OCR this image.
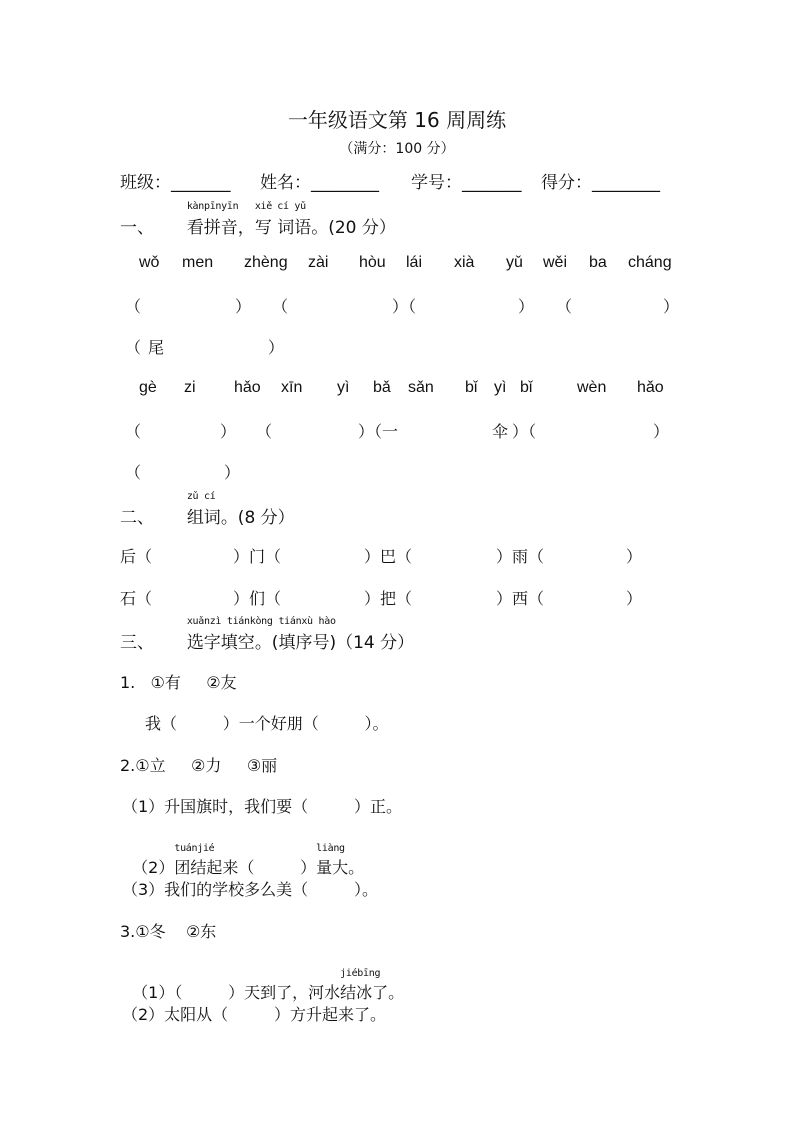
一年级语文第 16 周周练
（满分：100 分）
班级：_______ 姓名：________ 学号：_______ 得分：________
一、
kànpīnyīn
看拼音，
xiě
写
cí yǔ
词语。(20 分）
wǒ men zhèng zài hòu lái xià yǔ wěi ba cháng
（	） （	）（	） （	）
（ 尾	）
gè zi hǎo xīn yì bǎ sǎn bǐ yì bǐ	wèn hǎo
（	） （	）（一	伞 ）（	）
（	）
二、
zǔ cí
组词。(8 分）
后（	）门（	）巴（	）雨（	）
石（	）们（	）把（	）西（	）
三、
xuǎnzì tiánkòng
选字填空。(
tiánxù hào
填序号)（14 分）
1.   ①有     ②友
我（         ）一个好朋（         ）。
2.①立     ②力     ③丽
（1）升国旗时，我们要（         ）正。

（2）
tuánjié
团结起来（         ）
liàng
量大。

（3）我们的学校多么美（         ）。
3.①冬    ②东

（1）（         ）天到了，河水
jiébīng
结冰了。

（2）太阳从（         ）方升起来了。
